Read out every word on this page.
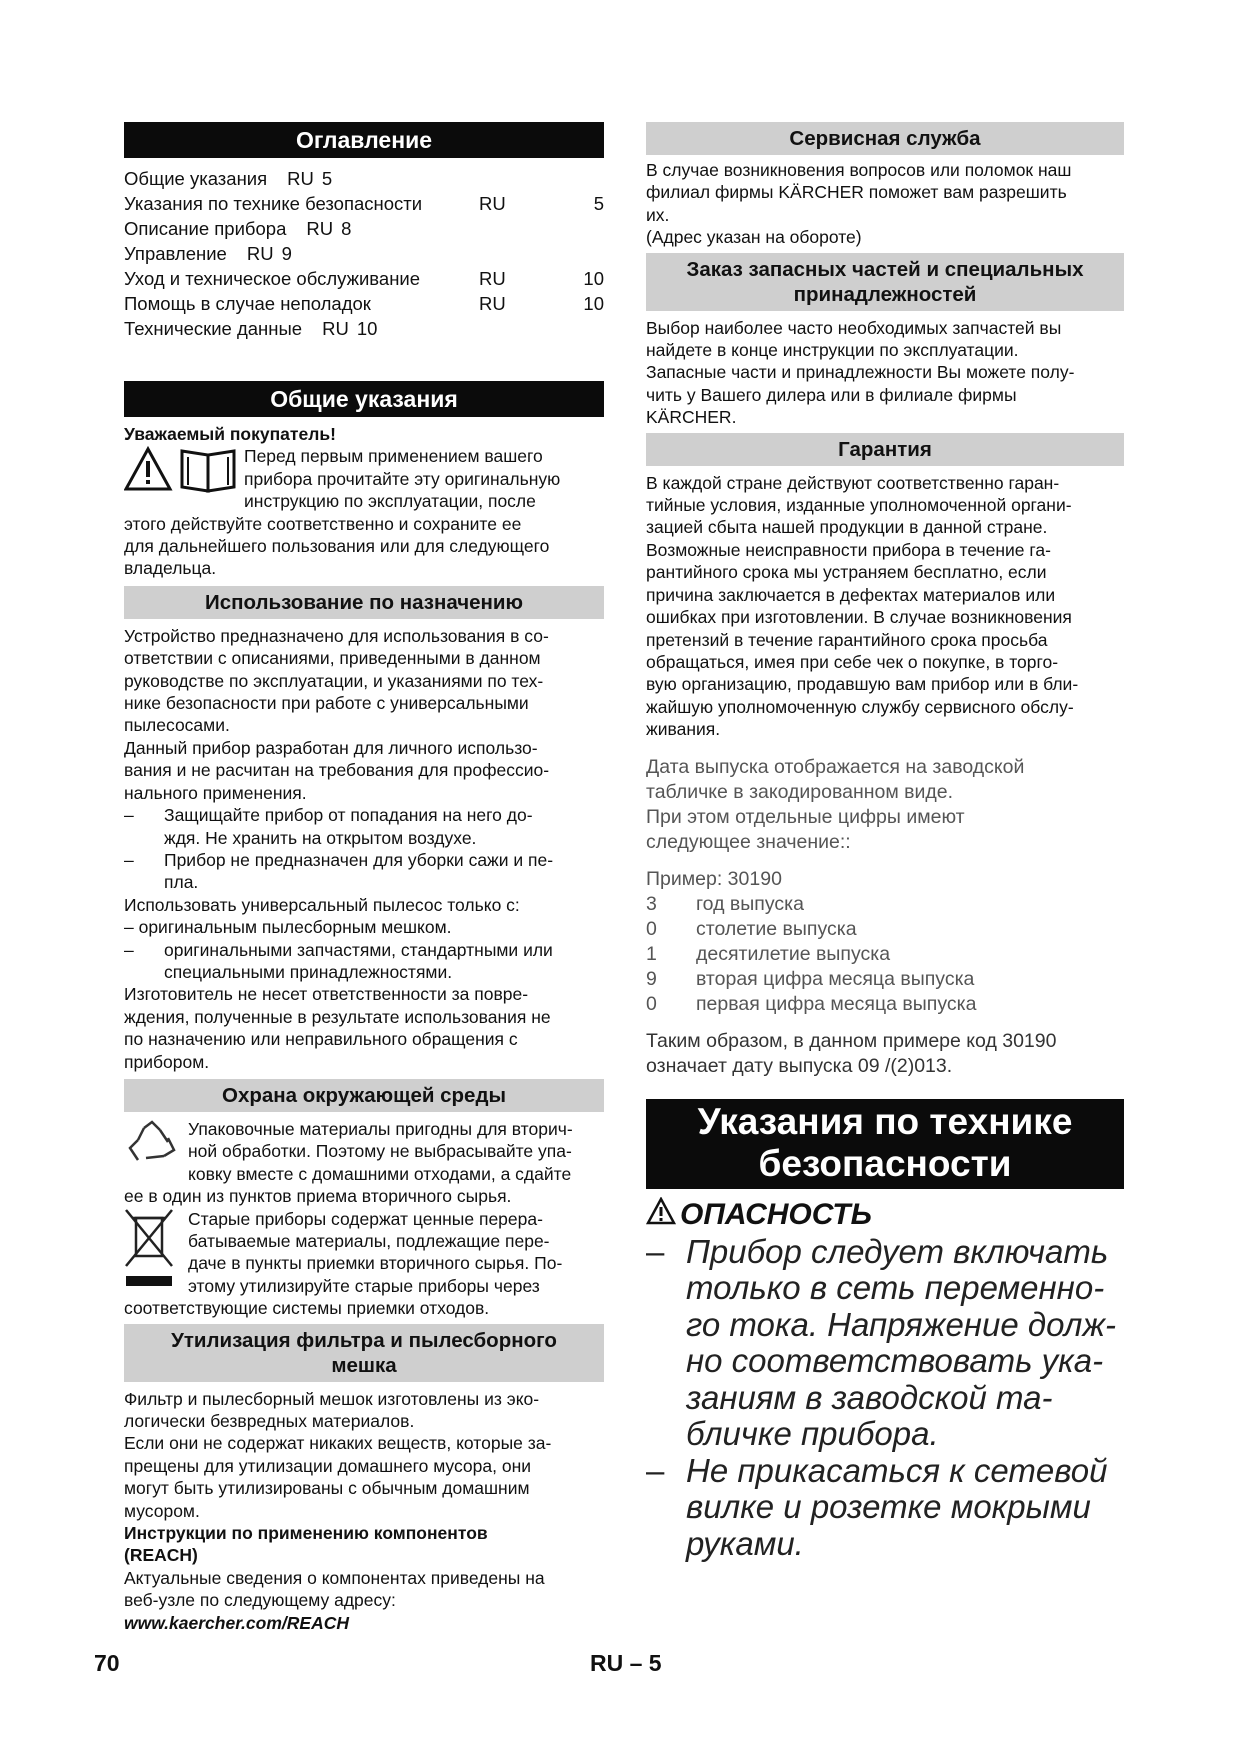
Оглавление
Общие указания RU 5
Указания по технике безопасности	RU	5
Описание прибора RU 8
Управление RU 9
Уход и техническое обслуживание	RU	10
Помощь в случае неполадок	RU	10
Технические данные RU 10
Общие указания

Уважаемый покупатель!

Перед первым применением вашего

прибора прочитайте эту оригинальную

инструкцию по эксплуатации, после

этого действуйте соответственно и сохраните ее

для дальнейшего пользования или для следующего

владельца.

Использование по назначению

Устройство предназначено для использования в со-

ответствии с описаниями, приведенными в данном

руководстве по эксплуатации, и указаниями по тех-

нике безопасности при работе с универсальными

пылесосами.

Данный прибор разработан для личного использо-

вания и не расчитан на требования для профессио-

нального применения.

–	Защищайте прибор от попадания на него до-
ждя. Не хранить на открытом воздухе.
–	Прибор не предназначен для уборки сажи и пе-
пла.

Использовать универсальный пылесос только с:

– оригинальным пылесборным мешком.

–	оригинальными запчастями, стандартными или
специальными принадлежностями.

Изготовитель не несет ответственности за повре-

ждения, полученные в результате использования не

по назначению или неправильного обращения с

прибором.

Охрана окружающей среды

Упаковочные материалы пригодны для вторич-

ной обработки. Поэтому не выбрасывайте упа-

ковку вместе с домашними отходами, а сдайте

ее в один из пунктов приема вторичного сырья.

Старые приборы содержат ценные перера-

батываемые материалы, подлежащие пере-

даче в пункты приемки вторичного сырья. По-

этому утилизируйте старые приборы через

соответствующие системы приемки отходов.

Утилизация фильтра и пылесборного
мешка

Фильтр и пылесборный мешок изготовлены из эко-

логически безвредных материалов.

Если они не содержат никаких веществ, которые за-

прещены для утилизации домашнего мусора, они

могут быть утилизированы с обычным домашним

мусором.

Инструкции по применению компонентов

(REACH)

Актуальные сведения о компонентах приведены на

веб-узле по следующему адресу:

www.kaercher.com/REACH

Сервисная служба

В случае возникновения вопросов или поломок наш

филиал фирмы KÄRCHER поможет вам разрешить

их.

(Адрес указан на обороте)

Заказ запасных частей и специальных
принадлежностей

Выбор наиболее часто необходимых запчастей вы

найдете в конце инструкции по эксплуатации.

Запасные части и принадлежности Вы можете полу-

чить у Вашего дилера или в филиале фирмы

KÄRCHER.

Гарантия

В каждой стране действуют соответственно гаран-

тийные условия, изданные уполномоченной органи-

зацией сбыта нашей продукции в данной стране.

Возможные неисправности прибора в течение га-

рантийного срока мы устраняем бесплатно, если

причина заключается в дефектах материалов или

ошибках при изготовлении. В случае возникновения

претензий в течение гарантийного срока просьба

обращаться, имея при себе чек о покупке, в торго-

вую организацию, продавшую вам прибор или в бли-

жайшую уполномоченную службу сервисного обслу-

живания.

Дата выпуска отображается на заводской
табличке в закодированном виде.
При этом отдельные цифры имеют
следующее значение::
Пример: 30190
3	год выпуска
0	столетие выпуска
1	десятилетие выпуска
9	вторая цифра месяца выпуска
0	первая цифра месяца выпуска
Таким образом, в данном примере код 30190
означает дату выпуска 09 /(2)013.
Указания по технике
безопасности
ОПАСНОСТЬ
– Прибор следует включать
только в сеть переменно-
го тока. Напряжение долж-
но соответствовать ука-
заниям в заводской та-
бличке прибора.
– Не прикасаться к сетевой
вилке и розетке мокрыми
руками.
70	RU – 5
